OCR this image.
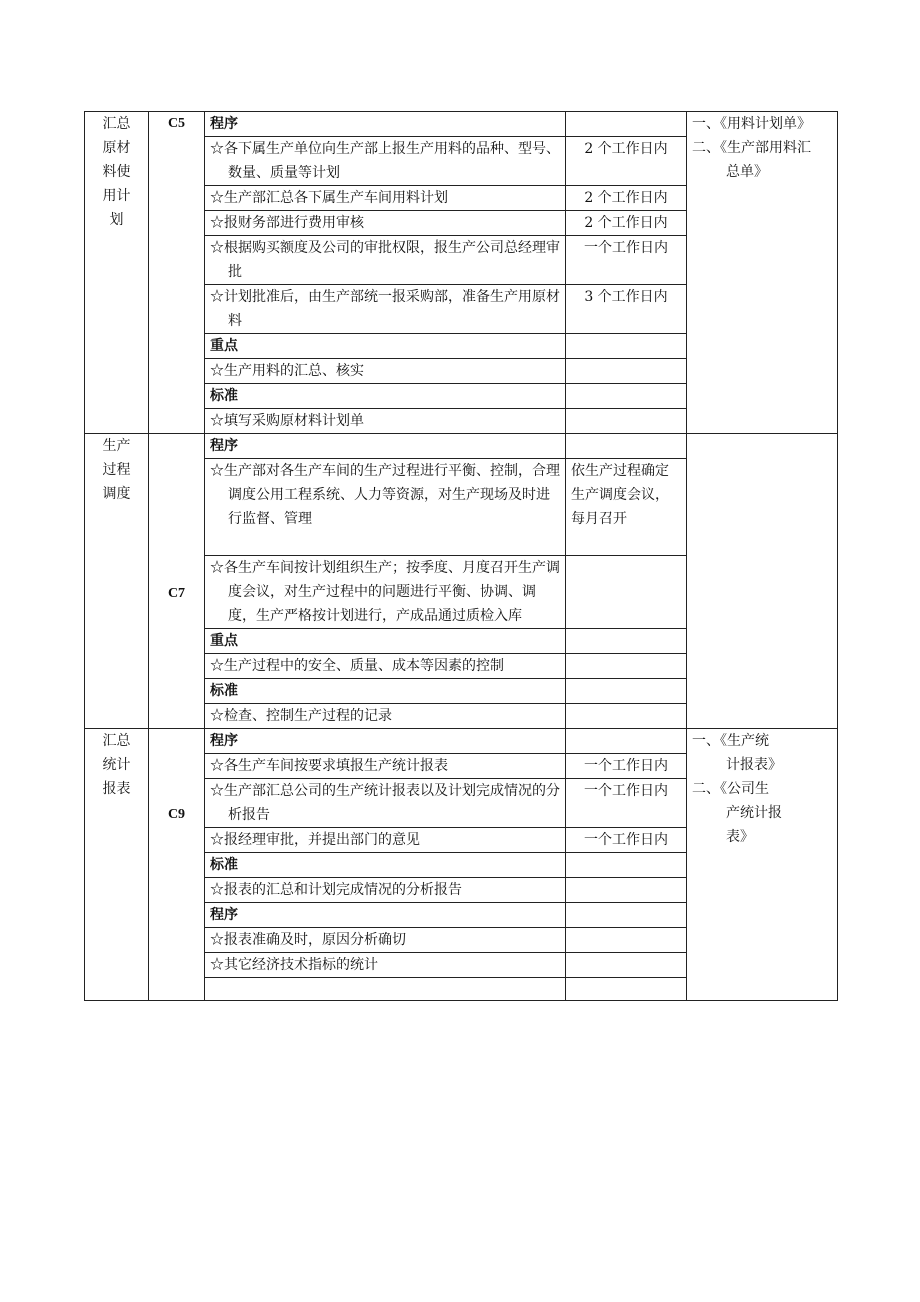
汇总原材料使用计划	C5	程序		一、《用料计划单》
二、《生产部用料汇
总单》

		☆各下属生产单位向生产部上报生产用料的品种、型号、数量、质量等计划	2 个工作日内	

		☆生产部汇总各下属生产车间用料计划	2 个工作日内	

		☆报财务部进行费用审核	2 个工作日内	

		☆根据购买额度及公司的审批权限，报生产公司总经理审批	一个工作日内	

		☆计划批准后，由生产部统一报采购部，准备生产用原材料	3 个工作日内	
		重点		

		☆生产用料的汇总、核实		

		标准		

		☆填写采购原材料计划单		

生产过程调度	C7	程序		

		☆生产部对各生产车间的生产过程进行平衡、控制，合理调度公用工程系统、人力等资源，对生产现场及时进行监督、管理	依生产过程确定生产调度会议，每月召开	

		☆各生产车间按计划组织生产；按季度、月度召开生产调度会议，对生产过程中的问题进行平衡、协调、调度，生产严格按计划进行，产成品通过质检入库		

		重点		

		☆生产过程中的安全、质量、成本等因素的控制		

		标准		

		☆检查、控制生产过程的记录		

汇总统计报表	C9	程序		一、《生产统
计报表》
二、《公司生
产统计报
表》

		☆各生产车间按要求填报生产统计报表	一个工作日内	

		☆生产部汇总公司的生产统计报表以及计划完成情况的分析报告	一个工作日内	

		☆报经理审批，并提出部门的意见	一个工作日内	
		标准		

		☆报表的汇总和计划完成情况的分析报告		

		程序		

		☆报表准确及时，原因分析确切		

		☆其它经济技术指标的统计		
